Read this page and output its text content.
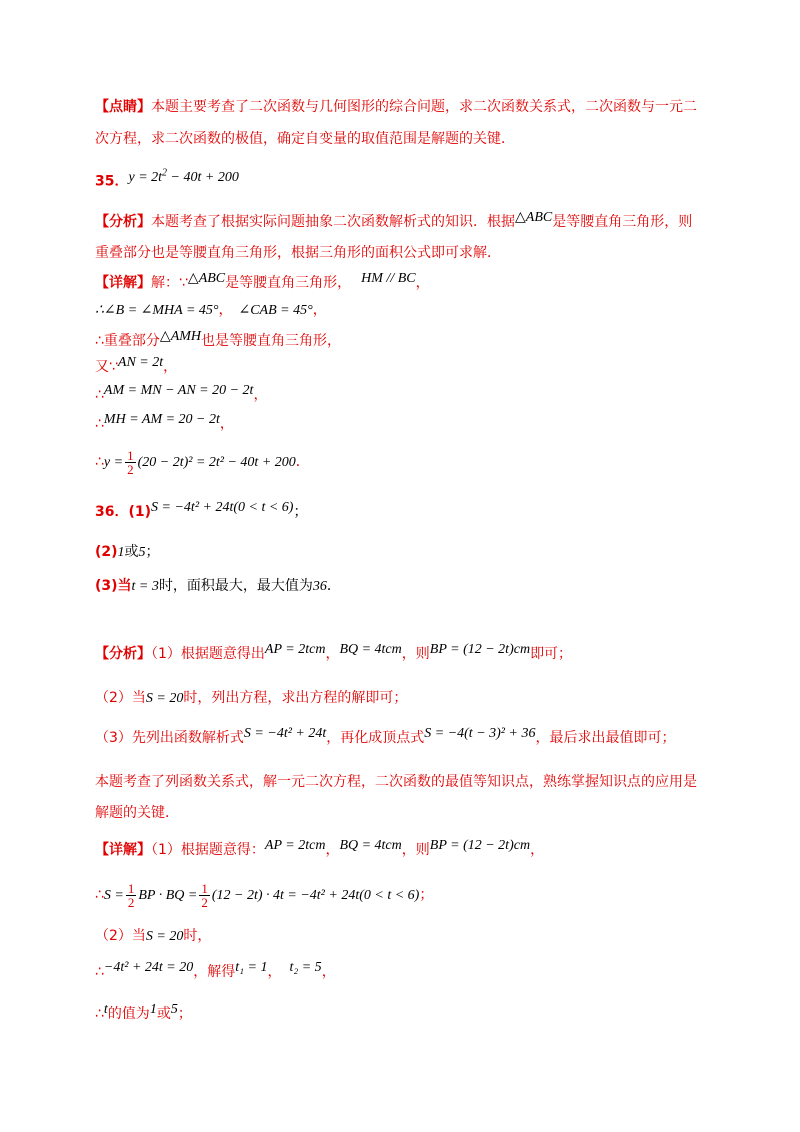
【点睛】本题主要考查了二次函数与几何图形的综合问题，求二次函数关系式，二次函数与一元二
次方程，求二次函数的极值，确定自变量的取值范围是解题的关键．
35．$y = 2t^2 - 40t + 200$
【分析】本题考查了根据实际问题抽象二次函数解析式的知识．根据△ABC是等腰直角三角形，则
重叠部分也是等腰直角三角形，根据三角形的面积公式即可求解．
【详解】解：∵△ABC是等腰直角三角形， HM // BC，
∴∠B = ∠MHA = 45°， ∠CAB = 45°，
∴重叠部分△AMH也是等腰直角三角形，
又∵AN = 2t，
∴AM = MN − AN = 20 − 2t，
∴MH = AM = 20 − 2t，
∴y = $\frac{1}{2} (20 - 2t)^2 = 2t^2 - 40t + 200$．
36．(1)S = −4t² + 24t(0 < t < 6)；
(2)1或5；
(3)当t = 3时，面积最大，最大值为36．
【分析】（1）根据题意得出AP = 2tcm，BQ = 4tcm，则BP = (12 − 2t)cm即可；
（2）当S = 20时，列出方程，求出方程的解即可；
（3）先列出函数解析式S = −4t² + 24t，再化成顶点式S = −4(t − 3)² + 36，最后求出最值即可；
本题考查了列函数关系式，解一元二次方程，二次函数的最值等知识点，熟练掌握知识点的应用是
解题的关键．
【详解】（1）根据题意得：AP = 2tcm，BQ = 4tcm，则BP = (12 − 2t)cm，
∴S = $\frac{1}{2}$ BP · BQ = $\frac{1}{2} (12 - 2t) \cdot 4t = -4t^2 + 24t(0 < t < 6)$；
（2）当S = 20时，
∴−4t² + 24t = 20，解得t₁ = 1， t₂ = 5，
∴t的值为1或5；
